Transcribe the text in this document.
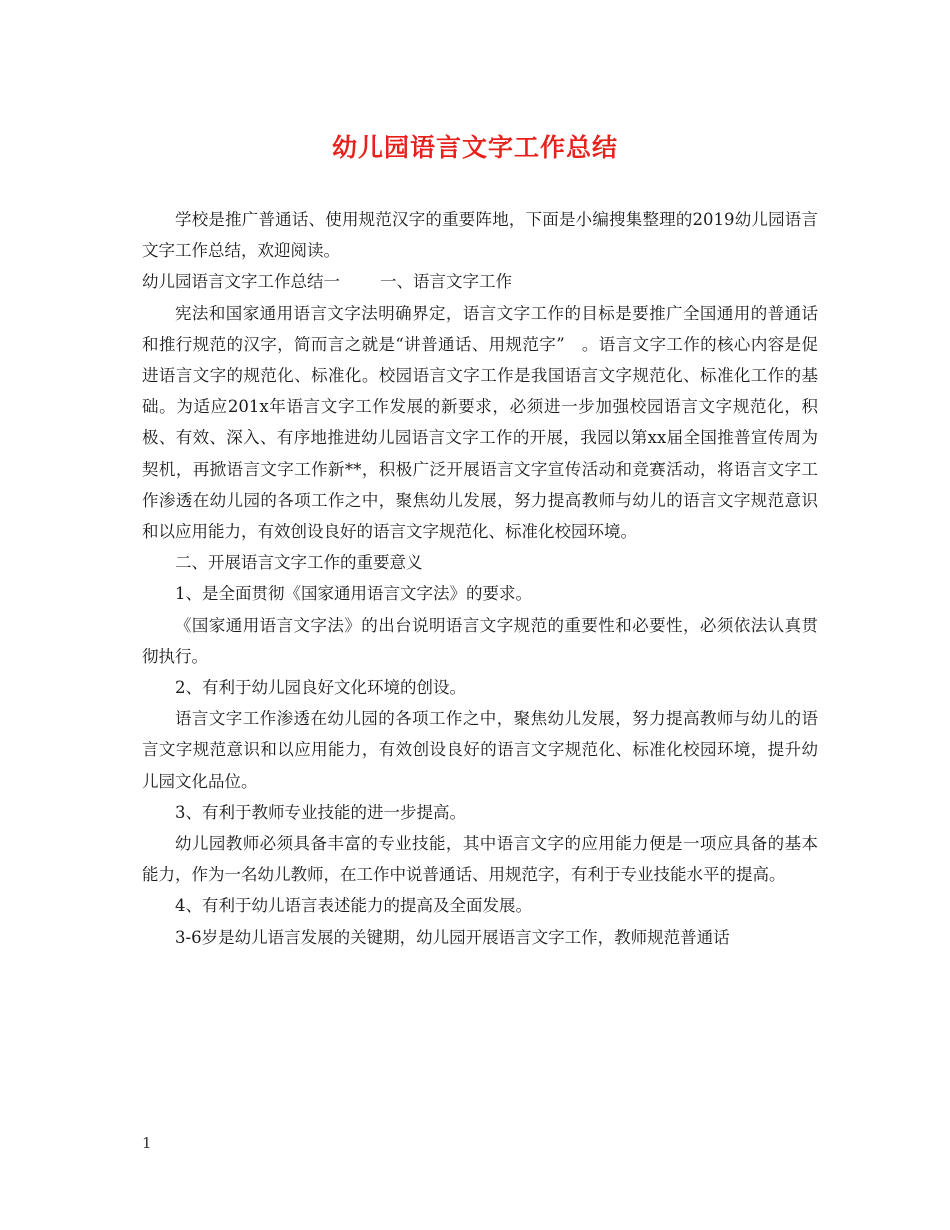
幼儿园语言文字工作总结

学校是推广普通话、使用规范汉字的重要阵地，下面是小编搜集整理的2019幼儿园语言文字工作总结，欢迎阅读。

幼儿园语言文字工作总结一 一、语言文字工作

宪法和国家通用语言文字法明确界定，语言文字工作的目标是要推广全国通用的普通话和推行规范的汉字，简而言之就是“讲普通话、用规范字”　。语言文字工作的核心内容是促进语言文字的规范化、标准化。校园语言文字工作是我国语言文字规范化、标准化工作的基础。为适应201x年语言文字工作发展的新要求，必须进一步加强校园语言文字规范化，积极、有效、深入、有序地推进幼儿园语言文字工作的开展，我园以第xx届全国推普宣传周为契机，再掀语言文字工作新**，积极广泛开展语言文字宣传活动和竞赛活动，将语言文字工作渗透在幼儿园的各项工作之中，聚焦幼儿发展，努力提高教师与幼儿的语言文字规范意识和以应用能力，有效创设良好的语言文字规范化、标准化校园环境。

二、开展语言文字工作的重要意义

1、是全面贯彻《国家通用语言文字法》的要求。

《国家通用语言文字法》的出台说明语言文字规范的重要性和必要性，必须依法认真贯彻执行。

2、有利于幼儿园良好文化环境的创设。

语言文字工作渗透在幼儿园的各项工作之中，聚焦幼儿发展，努力提高教师与幼儿的语言文字规范意识和以应用能力，有效创设良好的语言文字规范化、标准化校园环境，提升幼儿园文化品位。

3、有利于教师专业技能的进一步提高。

幼儿园教师必须具备丰富的专业技能，其中语言文字的应用能力便是一项应具备的基本能力，作为一名幼儿教师，在工作中说普通话、用规范字，有利于专业技能水平的提高。

4、有利于幼儿语言表述能力的提高及全面发展。

3-6岁是幼儿语言发展的关键期，幼儿园开展语言文字工作，教师规范普通话

1
